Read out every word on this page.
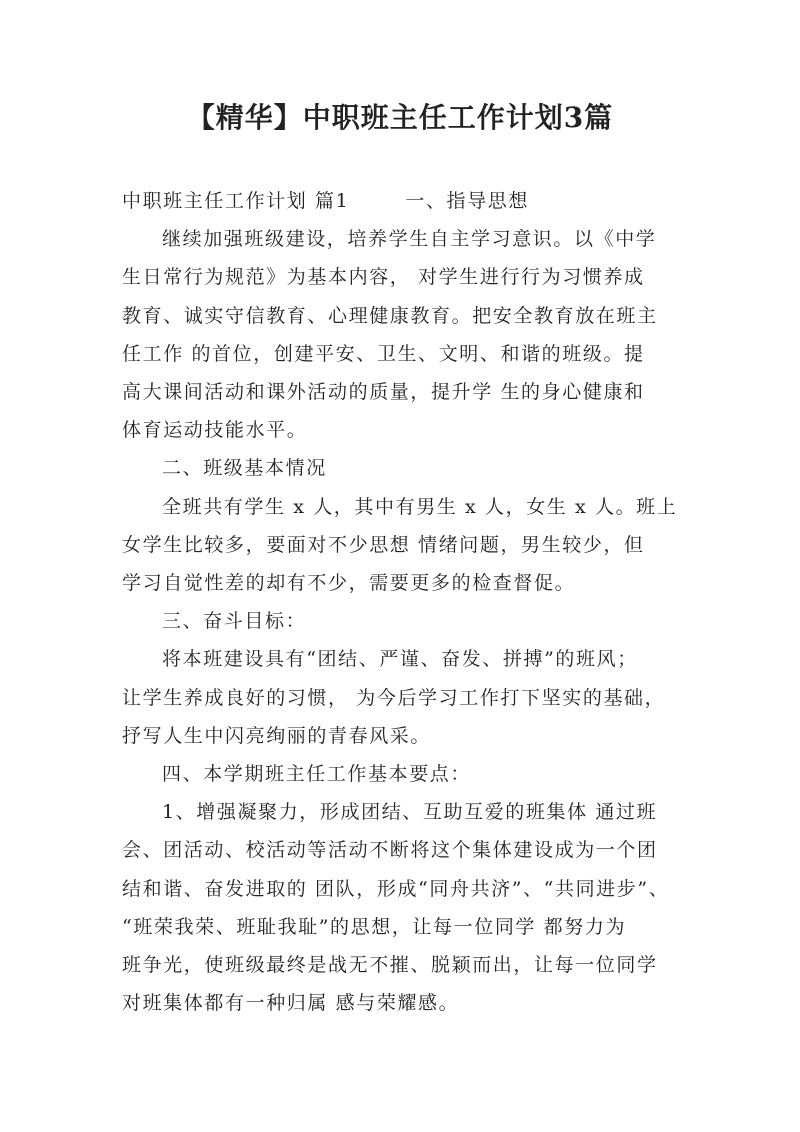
【精华】中职班主任工作计划3篇
中职班主任工作计划 篇1	一、指导思想
继续加强班级建设，培养学生自主学习意识。以《中学
生日常行为规范》为基本内容， 对学生进行行为习惯养成
教育、诚实守信教育、心理健康教育。把安全教育放在班主
任工作 的首位，创建平安、卫生、文明、和谐的班级。提
高大课间活动和课外活动的质量，提升学 生的身心健康和
体育运动技能水平。
二、班级基本情况
全班共有学生 x 人，其中有男生 x 人，女生 x 人。班上
女学生比较多，要面对不少思想 情绪问题，男生较少，但
学习自觉性差的却有不少，需要更多的检查督促。
三、奋斗目标：
将本班建设具有“团结、严谨、奋发、拼搏”的班风；
让学生养成良好的习惯， 为今后学习工作打下坚实的基础，
抒写人生中闪亮绚丽的青春风采。
四、本学期班主任工作基本要点：
1、增强凝聚力，形成团结、互助互爱的班集体 通过班
会、团活动、校活动等活动不断将这个集体建设成为一个团
结和谐、奋发进取的 团队，形成“同舟共济”、“共同进步”、
“班荣我荣、班耻我耻”的思想，让每一位同学 都努力为
班争光，使班级最终是战无不摧、脱颖而出，让每一位同学
对班集体都有一种归属 感与荣耀感。
